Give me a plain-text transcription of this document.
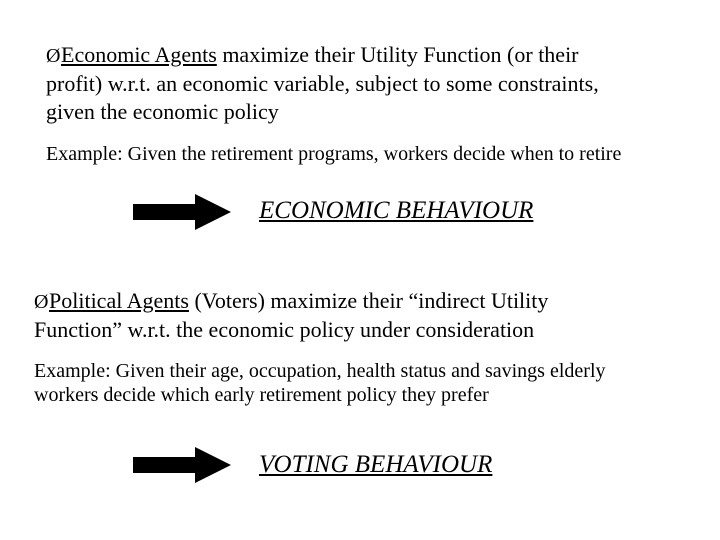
ØEconomic Agents maximize their Utility Function (or their
profit) w.r.t. an economic variable, subject to some constraints,
given the economic policy
Example: Given the retirement programs, workers decide when to retire
ECONOMIC BEHAVIOUR
ØPolitical Agents (Voters) maximize their “indirect Utility
Function” w.r.t. the economic policy under consideration
Example: Given their age, occupation, health status and savings elderly
workers decide which early retirement policy they prefer
VOTING BEHAVIOUR
